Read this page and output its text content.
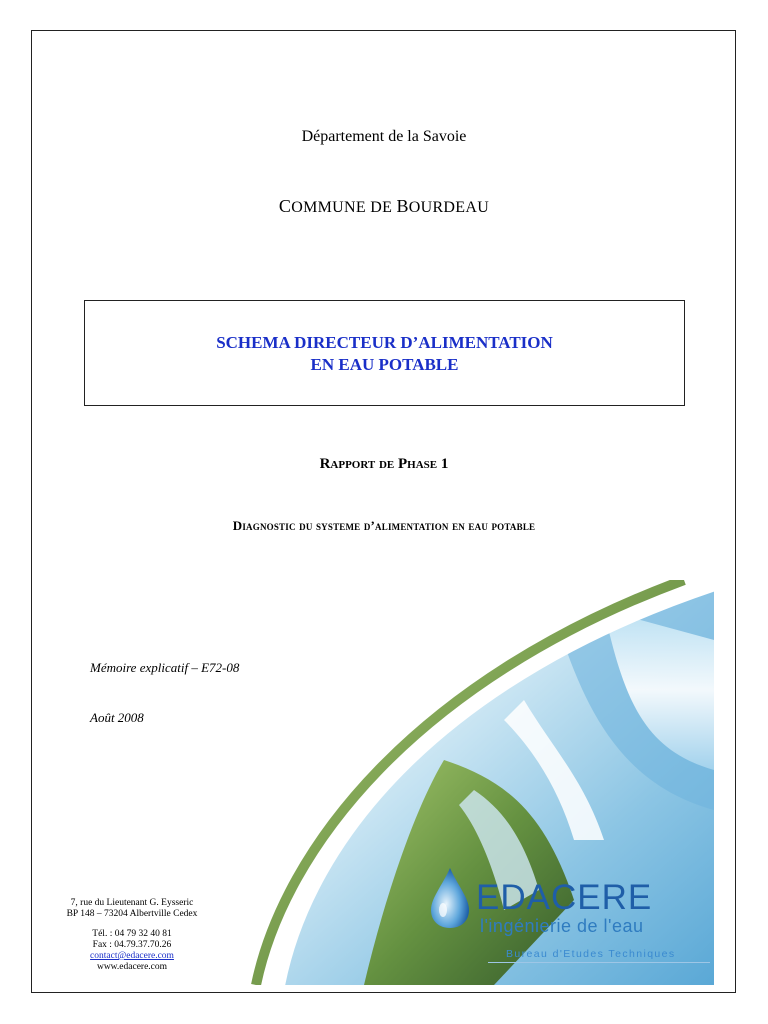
Département de la Savoie
COMMUNE DE BOURDEAU
SCHEMA DIRECTEUR D’ALIMENTATION
EN EAU POTABLE
Rapport de Phase 1
Diagnostic du systeme d’alimentation en eau potable
Mémoire explicatif – E72-08
Août 2008
EDACERE
l'ingénierie de l'eau
Bureau d'Etudes Techniques
7, rue du Lieutenant G. Eysseric
BP 148 – 73204 Albertville Cedex
Tél. : 04 79 32 40 81
Fax : 04.79.37.70.26
contact@edacere.com
www.edacere.com
